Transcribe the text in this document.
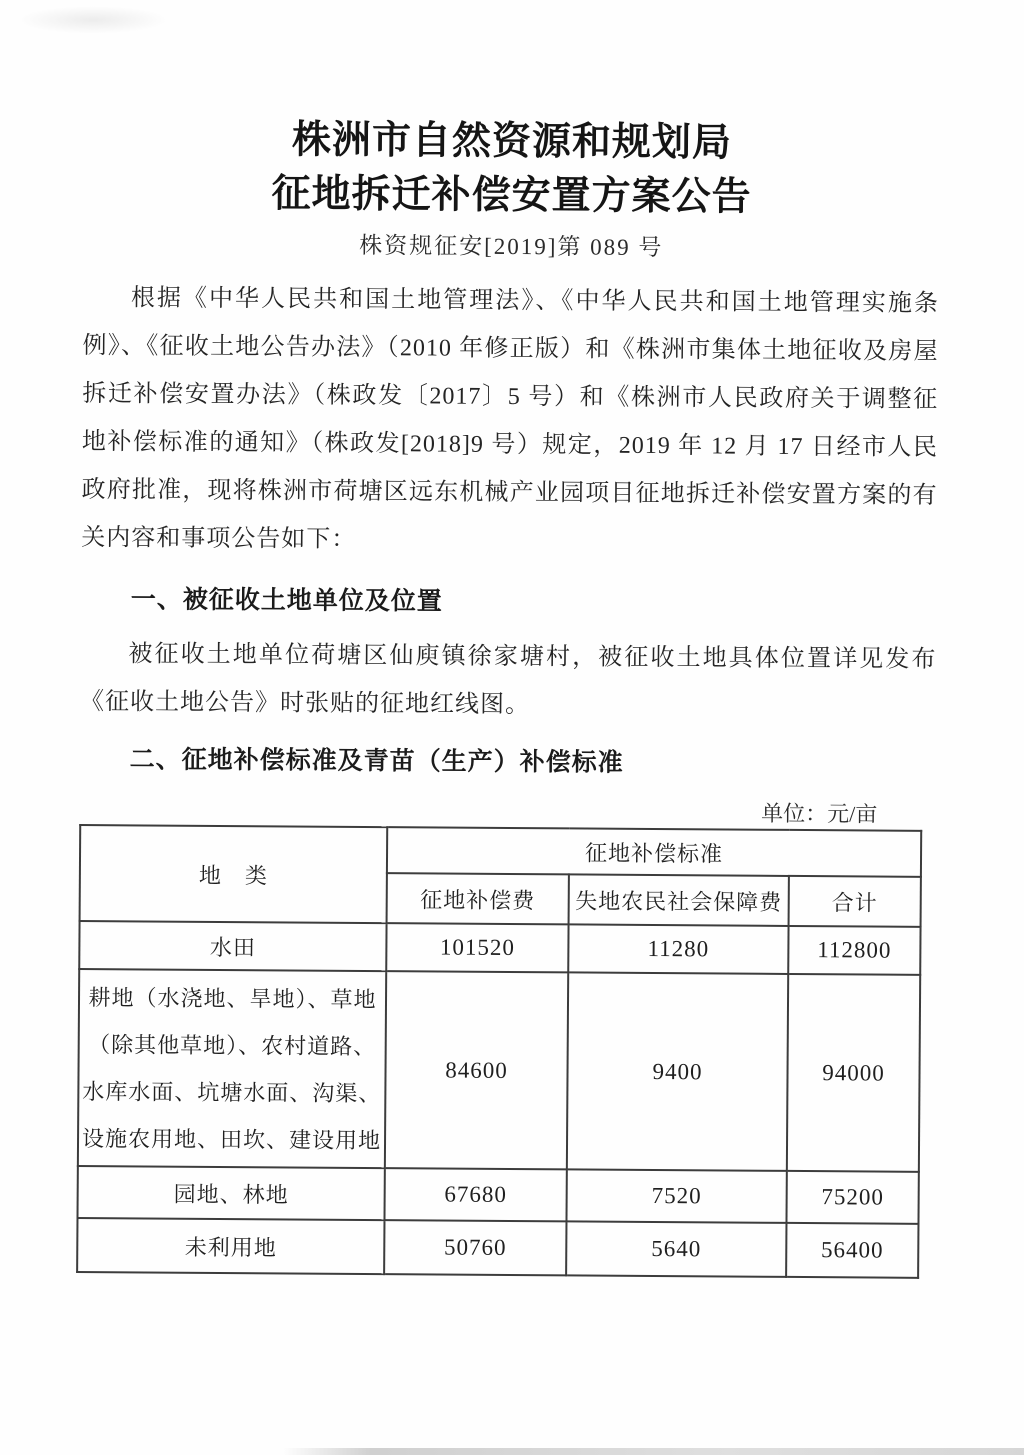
株洲市自然资源和规划局
征地拆迁补偿安置方案公告
株资规征安[2019]第 089 号

根据《中华人民共和国土地管理法》、《中华人民共和国土地管理实施条例》、《征收土地公告办法》（2010 年修正版）和《株洲市集体土地征收及房屋拆迁补偿安置办法》（株政发〔2017〕5 号）和《株洲市人民政府关于调整征地补偿标准的通知》（株政发[2018]9 号）规定，2019 年 12 月 17 日经市人民政府批准，现将株洲市荷塘区远东机械产业园项目征地拆迁补偿安置方案的有关内容和事项公告如下：

一、被征收土地单位及位置

被征收土地单位荷塘区仙庾镇徐家塘村，被征收土地具体位置详见发布《征收土地公告》时张贴的征地红线图。

二、征地补偿标准及青苗（生产）补偿标准

单位：元/亩
地　类	征地补偿标准		
	征地补偿费	失地农民社会保障费	合计
水田	101520	11280	112800
耕地（水浇地、旱地）、草地（除其他草地）、农村道路、水库水面、坑塘水面、沟渠、设施农用地、田坎、建设用地	84600	9400	94000
园地、林地	67680	7520	75200
未利用地	50760	5640	56400
